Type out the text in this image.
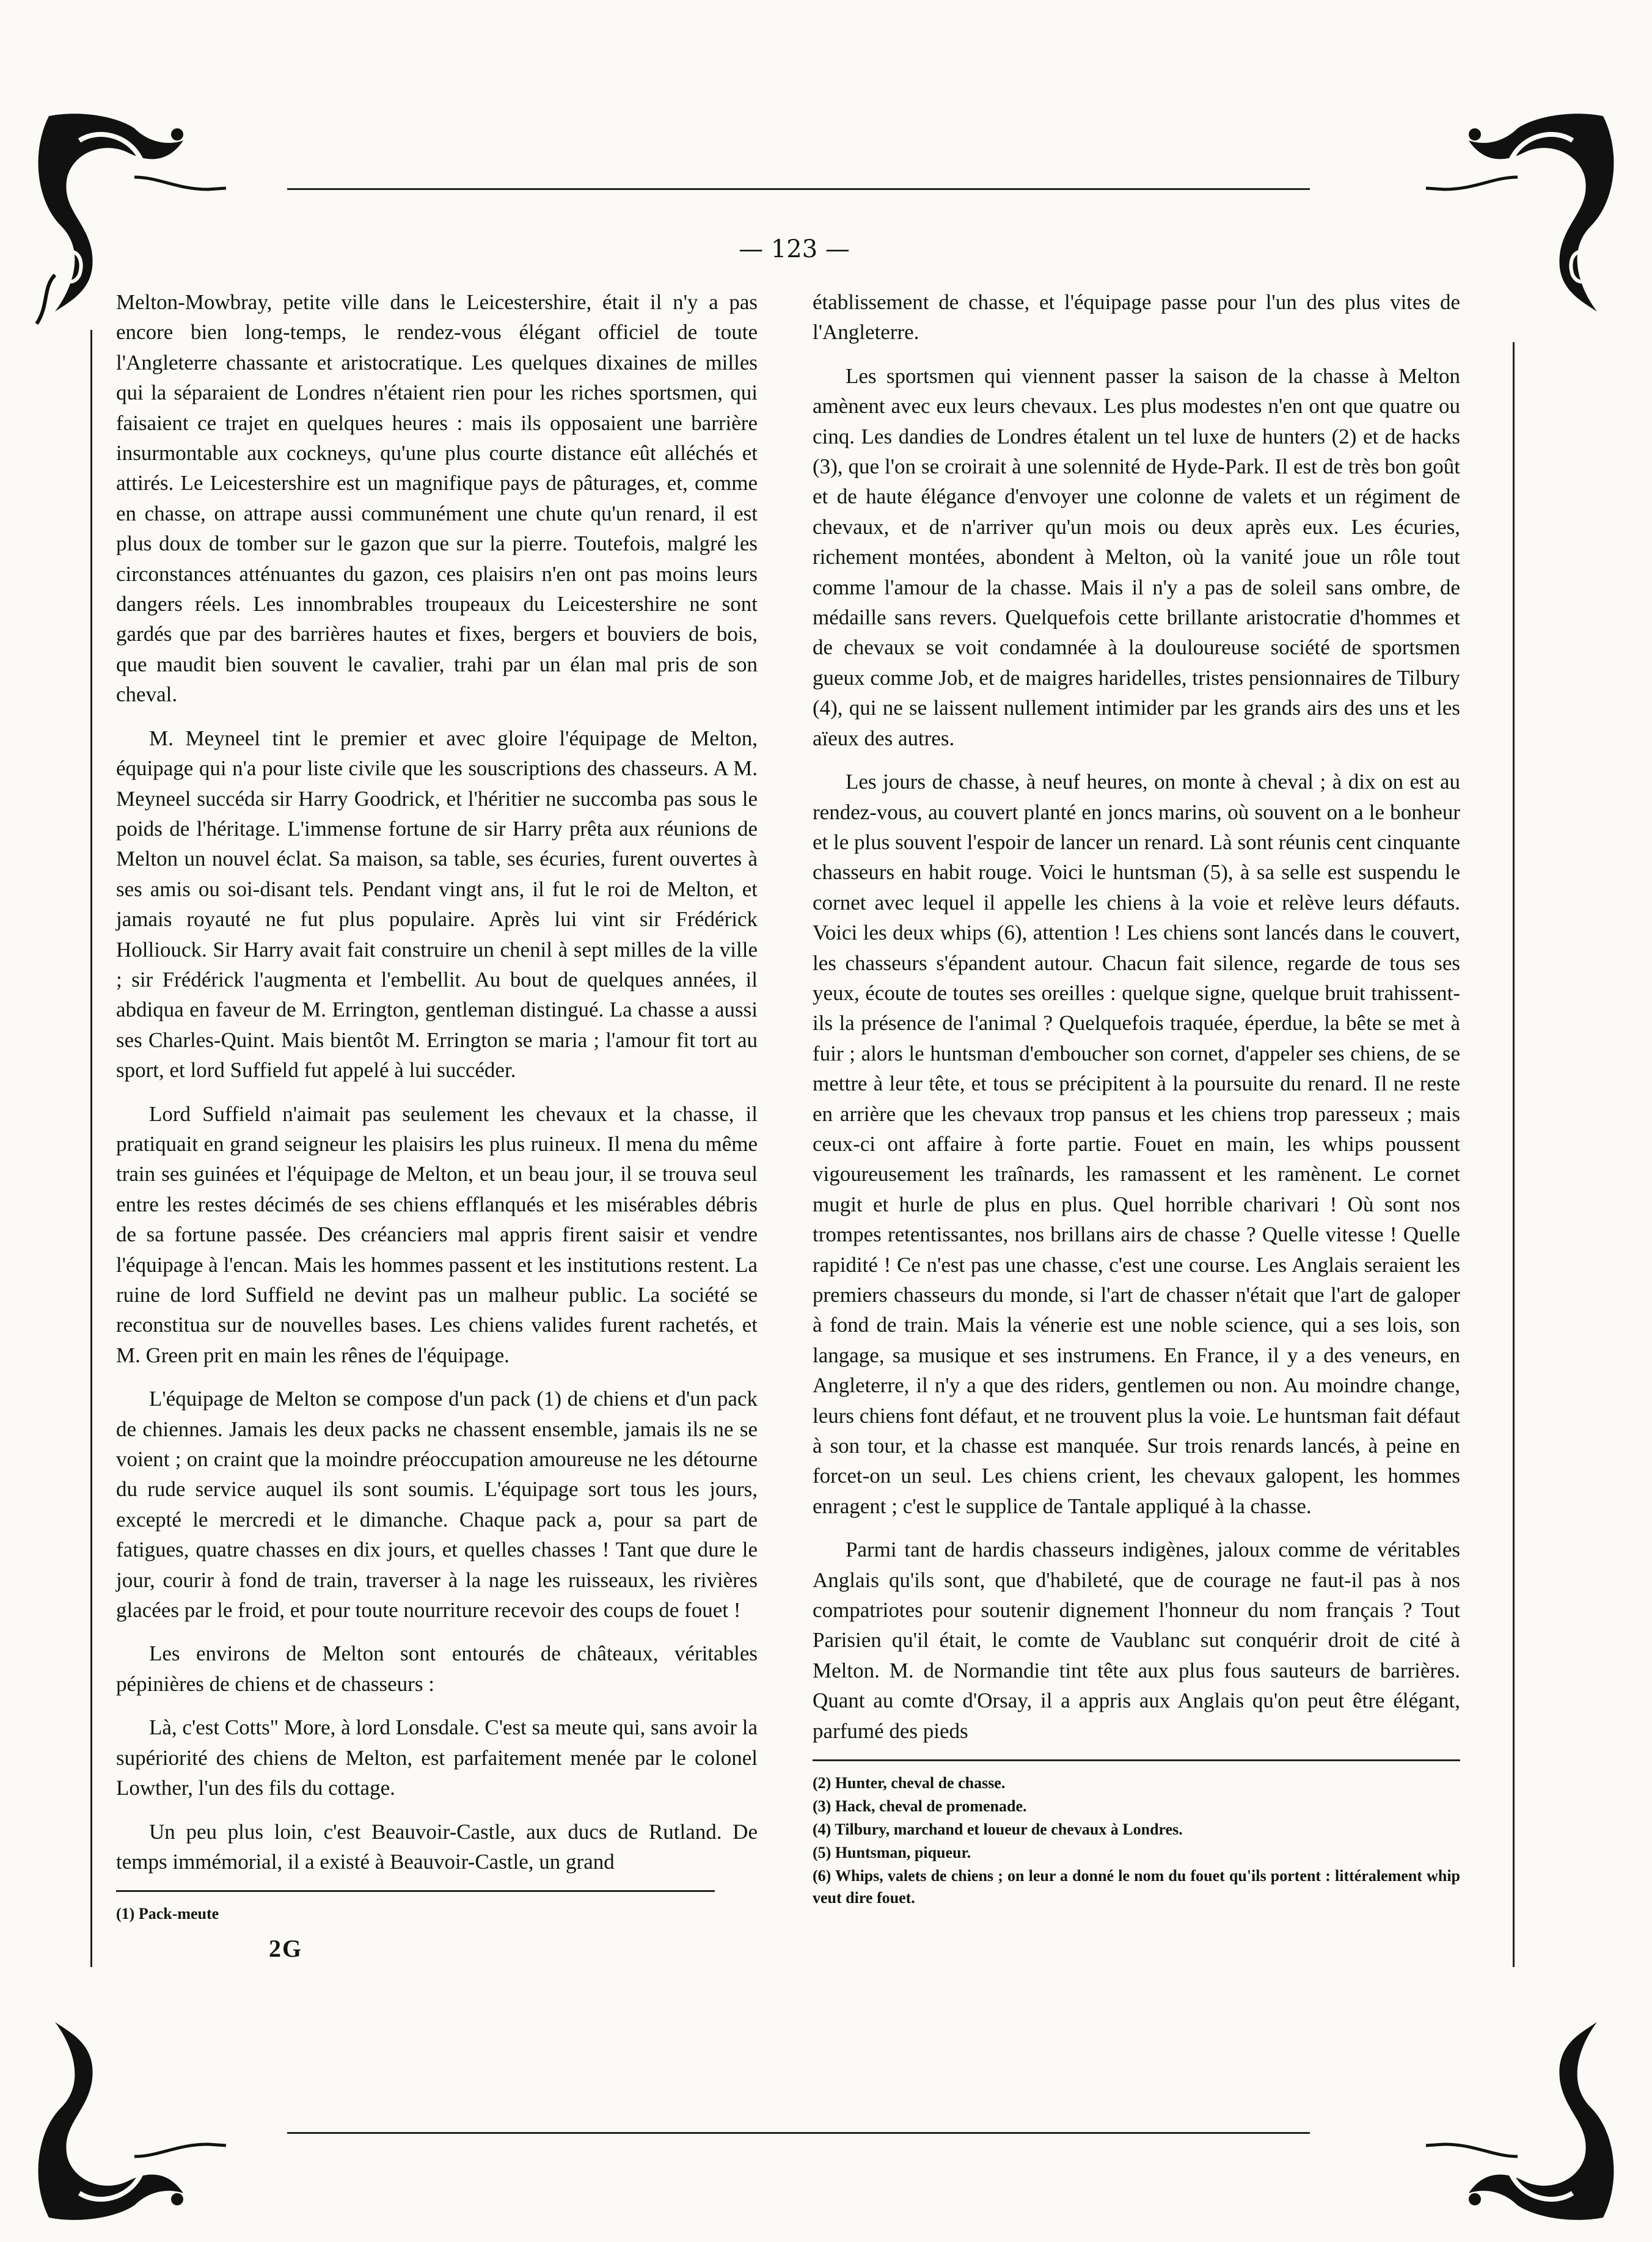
— 123 —

Melton-Mowbray, petite ville dans le Leicestershire, était il n'y a pas encore bien long-temps, le rendez-vous élégant officiel de toute l'Angleterre chassante et aristocratique. Les quelques dixaines de milles qui la séparaient de Londres n'étaient rien pour les riches sportsmen, qui faisaient ce trajet en quelques heures : mais ils opposaient une barrière insurmontable aux cockneys, qu'une plus courte distance eût alléchés et attirés. Le Leicestershire est un magnifique pays de pâturages, et, comme en chasse, on attrape aussi communément une chute qu'un renard, il est plus doux de tomber sur le gazon que sur la pierre. Toutefois, malgré les circonstances atténuantes du gazon, ces plaisirs n'en ont pas moins leurs dangers réels. Les innombrables troupeaux du Leicestershire ne sont gardés que par des barrières hautes et fixes, bergers et bouviers de bois, que maudit bien souvent le cavalier, trahi par un élan mal pris de son cheval.

M. Meyneel tint le premier et avec gloire l'équipage de Melton, équipage qui n'a pour liste civile que les souscriptions des chasseurs. A M. Meyneel succéda sir Harry Goodrick, et l'héritier ne succomba pas sous le poids de l'héritage. L'immense fortune de sir Harry prêta aux réunions de Melton un nouvel éclat. Sa maison, sa table, ses écuries, furent ouvertes à ses amis ou soi-disant tels. Pendant vingt ans, il fut le roi de Melton, et jamais royauté ne fut plus populaire. Après lui vint sir Frédérick Holliouck. Sir Harry avait fait construire un chenil à sept milles de la ville ; sir Frédérick l'augmenta et l'embellit. Au bout de quelques années, il abdiqua en faveur de M. Errington, gentleman distingué. La chasse a aussi ses Charles-Quint. Mais bientôt M. Errington se maria ; l'amour fit tort au sport, et lord Suffield fut appelé à lui succéder.

Lord Suffield n'aimait pas seulement les chevaux et la chasse, il pratiquait en grand seigneur les plaisirs les plus ruineux. Il mena du même train ses guinées et l'équipage de Melton, et un beau jour, il se trouva seul entre les restes décimés de ses chiens efflanqués et les misérables débris de sa fortune passée. Des créanciers mal appris firent saisir et vendre l'équipage à l'encan. Mais les hommes passent et les institutions restent. La ruine de lord Suffield ne devint pas un malheur public. La société se reconstitua sur de nouvelles bases. Les chiens valides furent rachetés, et M. Green prit en main les rênes de l'équipage.

L'équipage de Melton se compose d'un pack (1) de chiens et d'un pack de chiennes. Jamais les deux packs ne chassent ensemble, jamais ils ne se voient ; on craint que la moindre préoccupation amoureuse ne les détourne du rude service auquel ils sont soumis. L'équipage sort tous les jours, excepté le mercredi et le dimanche. Chaque pack a, pour sa part de fatigues, quatre chasses en dix jours, et quelles chasses ! Tant que dure le jour, courir à fond de train, traverser à la nage les ruisseaux, les rivières glacées par le froid, et pour toute nourriture recevoir des coups de fouet !

Les environs de Melton sont entourés de châteaux, véritables pépinières de chiens et de chasseurs :

Là, c'est Cotts" More, à lord Lonsdale. C'est sa meute qui, sans avoir la supériorité des chiens de Melton, est parfaitement menée par le colonel Lowther, l'un des fils du cottage.

Un peu plus loin, c'est Beauvoir-Castle, aux ducs de Rutland. De temps immémorial, il a existé à Beauvoir-Castle, un grand

(1) Pack-meute
2G

établissement de chasse, et l'équipage passe pour l'un des plus vites de l'Angleterre.

Les sportsmen qui viennent passer la saison de la chasse à Melton amènent avec eux leurs chevaux. Les plus modestes n'en ont que quatre ou cinq. Les dandies de Londres étalent un tel luxe de hunters (2) et de hacks (3), que l'on se croirait à une solennité de Hyde-Park. Il est de très bon goût et de haute élégance d'envoyer une colonne de valets et un régiment de chevaux, et de n'arriver qu'un mois ou deux après eux. Les écuries, richement montées, abondent à Melton, où la vanité joue un rôle tout comme l'amour de la chasse. Mais il n'y a pas de soleil sans ombre, de médaille sans revers. Quelquefois cette brillante aristocratie d'hommes et de chevaux se voit condamnée à la douloureuse société de sportsmen gueux comme Job, et de maigres haridelles, tristes pensionnaires de Tilbury (4), qui ne se laissent nullement intimider par les grands airs des uns et les aïeux des autres.

Les jours de chasse, à neuf heures, on monte à cheval ; à dix on est au rendez-vous, au couvert planté en joncs marins, où souvent on a le bonheur et le plus souvent l'espoir de lancer un renard. Là sont réunis cent cinquante chasseurs en habit rouge. Voici le huntsman (5), à sa selle est suspendu le cornet avec lequel il appelle les chiens à la voie et relève leurs défauts. Voici les deux whips (6), attention ! Les chiens sont lancés dans le couvert, les chasseurs s'épandent autour. Chacun fait silence, regarde de tous ses yeux, écoute de toutes ses oreilles : quelque signe, quelque bruit trahissent-ils la présence de l'animal ? Quelquefois traquée, éperdue, la bête se met à fuir ; alors le huntsman d'emboucher son cornet, d'appeler ses chiens, de se mettre à leur tête, et tous se précipitent à la poursuite du renard. Il ne reste en arrière que les chevaux trop pansus et les chiens trop paresseux ; mais ceux-ci ont affaire à forte partie. Fouet en main, les whips poussent vigoureusement les traînards, les ramassent et les ramènent. Le cornet mugit et hurle de plus en plus. Quel horrible charivari ! Où sont nos trompes retentissantes, nos brillans airs de chasse ? Quelle vitesse ! Quelle rapidité ! Ce n'est pas une chasse, c'est une course. Les Anglais seraient les premiers chasseurs du monde, si l'art de chasser n'était que l'art de galoper à fond de train. Mais la vénerie est une noble science, qui a ses lois, son langage, sa musique et ses instrumens. En France, il y a des veneurs, en Angleterre, il n'y a que des riders, gentlemen ou non. Au moindre change, leurs chiens font défaut, et ne trouvent plus la voie. Le huntsman fait défaut à son tour, et la chasse est manquée. Sur trois renards lancés, à peine en forcet-on un seul. Les chiens crient, les chevaux galopent, les hommes enragent ; c'est le supplice de Tantale appliqué à la chasse.

Parmi tant de hardis chasseurs indigènes, jaloux comme de véritables Anglais qu'ils sont, que d'habileté, que de courage ne faut-il pas à nos compatriotes pour soutenir dignement l'honneur du nom français ? Tout Parisien qu'il était, le comte de Vaublanc sut conquérir droit de cité à Melton. M. de Normandie tint tête aux plus fous sauteurs de barrières. Quant au comte d'Orsay, il a appris aux Anglais qu'on peut être élégant, parfumé des pieds

(2) Hunter, cheval de chasse.
(3) Hack, cheval de promenade.
(4) Tilbury, marchand et loueur de chevaux à Londres.
(5) Huntsman, piqueur.
(6) Whips, valets de chiens ; on leur a donné le nom du fouet qu'ils portent : littéralement whip veut dire fouet.
